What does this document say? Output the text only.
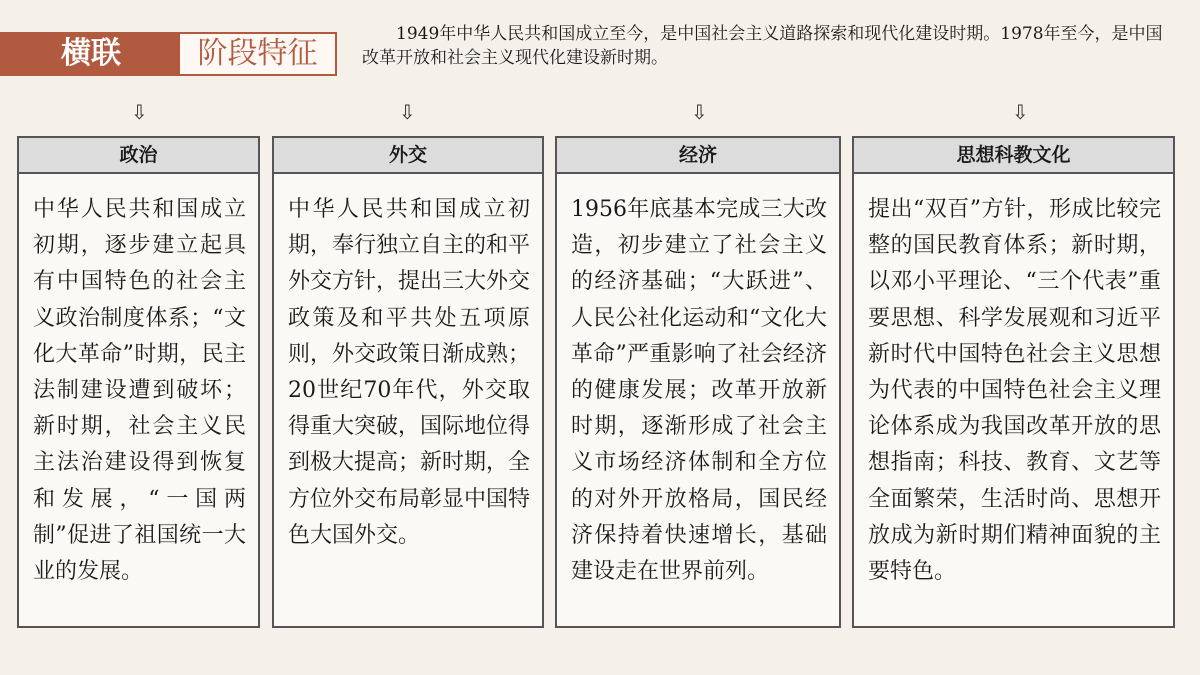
横联	阶段特征
1949年中华人民共和国成立至今，是中国社会主义道路探索和现代化建设时期。1978年至今，是中国改革开放和社会主义现代化建设新时期。
⇩	⇩	⇩	⇩
政治
中华人民共和国成立初期，逐步建立起具有中国特色的社会主义政治制度体系；“文化大革命”时期，民主法制建设遭到破坏；新时期，社会主义民主法治建设得到恢复和发展，“一国两制”促进了祖国统一大业的发展。
外交
中华人民共和国成立初期，奉行独立自主的和平外交方针，提出三大外交政策及和平共处五项原则，外交政策日渐成熟；20世纪70年代，外交取得重大突破，国际地位得到极大提高；新时期，全方位外交布局彰显中国特色大国外交。
经济
1956年底基本完成三大改造，初步建立了社会主义的经济基础；“大跃进”、人民公社化运动和“文化大革命”严重影响了社会经济的健康发展；改革开放新时期，逐渐形成了社会主义市场经济体制和全方位的对外开放格局，国民经济保持着快速增长，基础建设走在世界前列。
思想科教文化
提出“双百”方针，形成比较完整的国民教育体系；新时期，以邓小平理论、“三个代表”重要思想、科学发展观和习近平新时代中国特色社会主义思想为代表的中国特色社会主义理论体系成为我国改革开放的思想指南；科技、教育、文艺等全面繁荣，生活时尚、思想开放成为新时期们精神面貌的主要特色。
